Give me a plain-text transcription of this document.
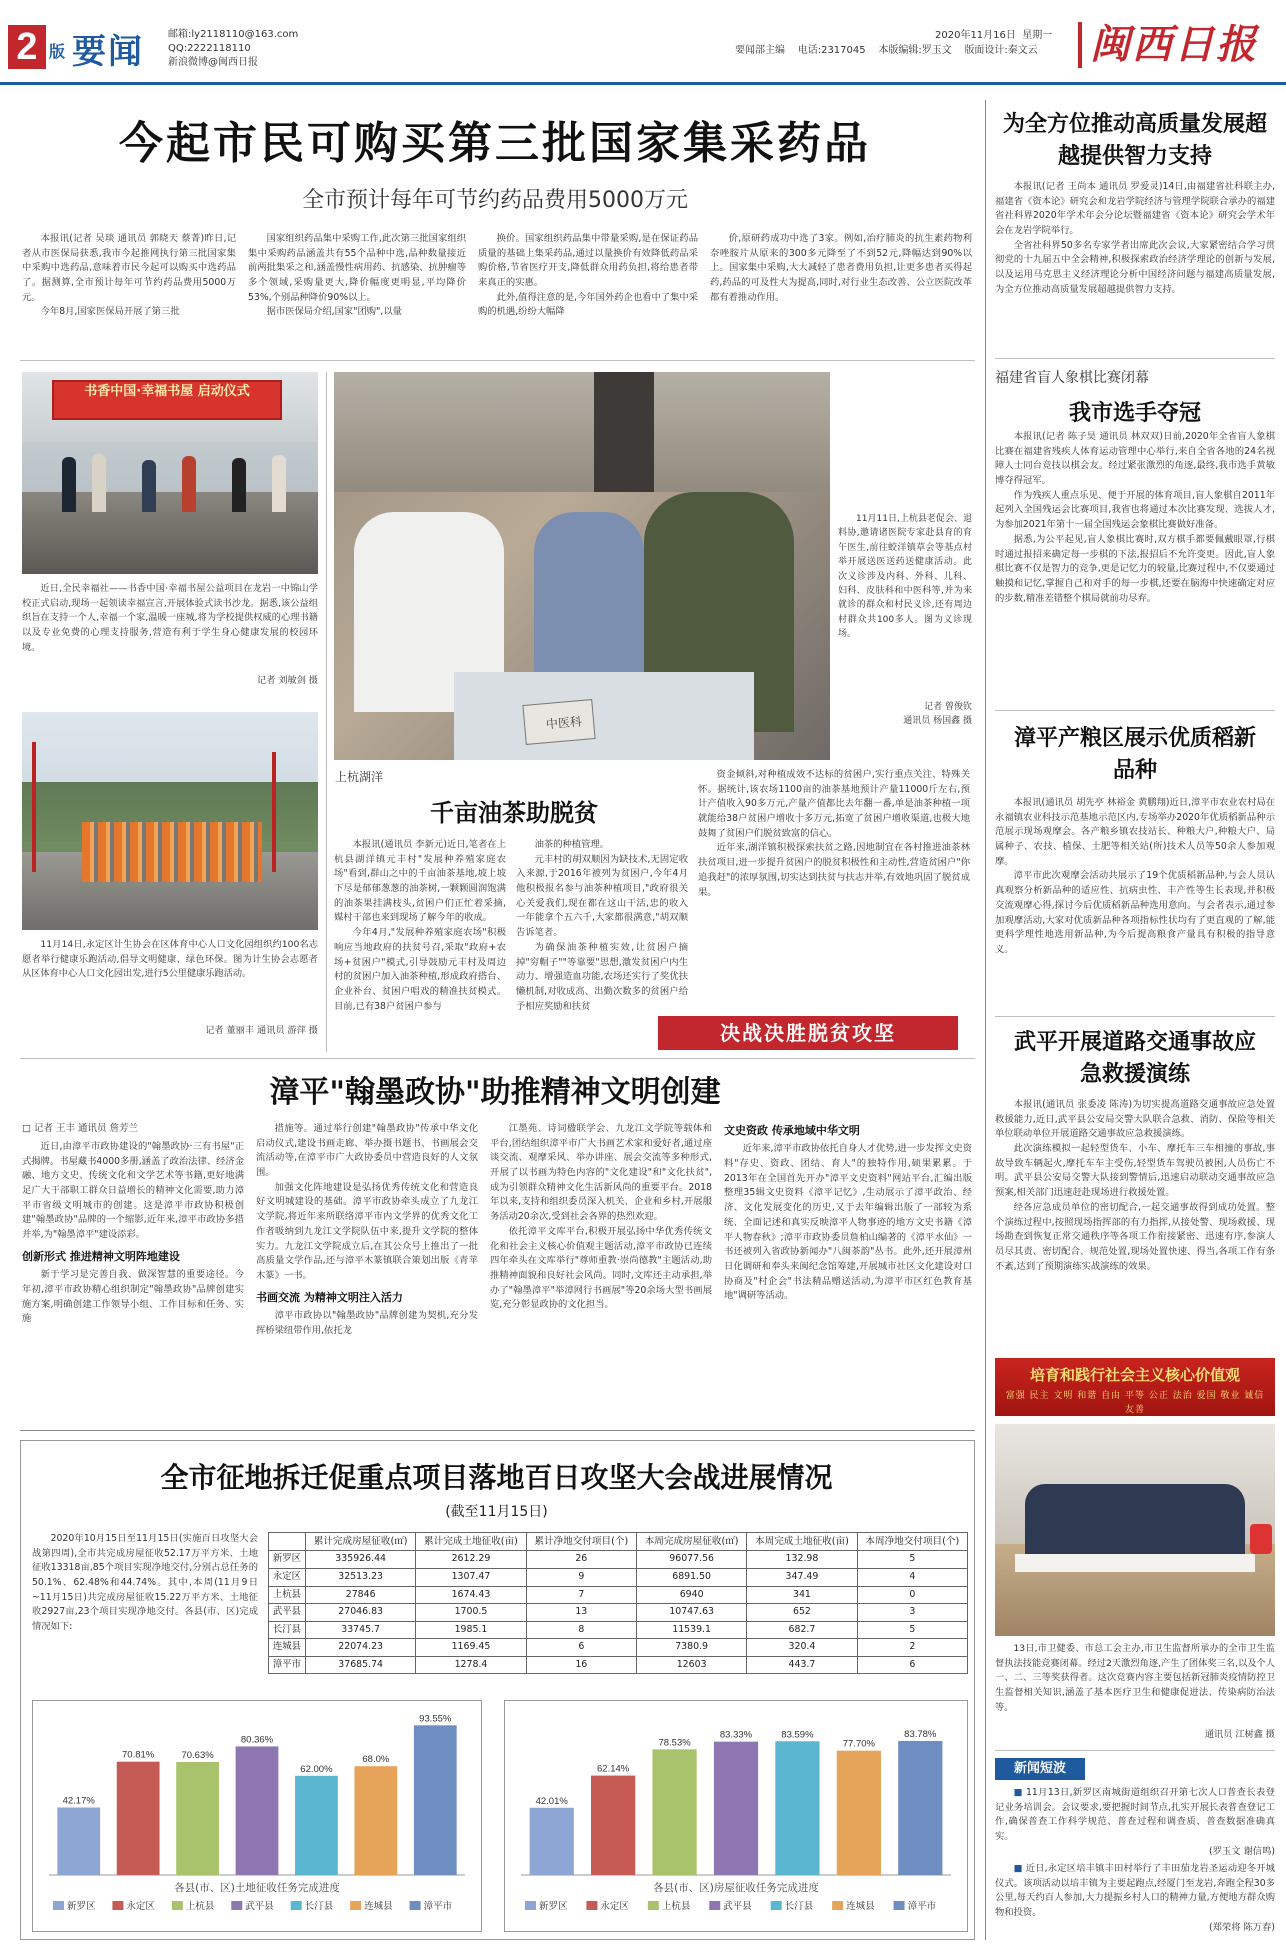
2 版 要闻 邮箱:ly2118110@163.com
QQ:2222118110
新浪微博@闽西日报
要闻部主编 电话:2317045 本版编辑:罗玉文 版面设计:秦文云
2020年11月16日 星期一 闽西日报
今起市民可购买第三批国家集采药品
全市预计每年可节约药品费用5000万元

本报讯(记者 吴琰 通讯员 郭晓天 蔡菁)昨日,记者从市医保局获悉,我市今起推网执行第三批国家集中采购中选药品,意味着市民今起可以购买中选药品了。据测算,全市预计每年可节约药品费用5000万元。

今年8月,国家医保局开展了第三批

国家组织药品集中采购工作,此次第三批国家组织集中采购药品涵盖共有55个品种中选,品种数量接近前两批集采之和,涵盖慢性病用药、抗感染、抗肿瘤等多个领域,采购量更大,降价幅度更明显,平均降价53%,个别品种降价90%以上。

据市医保局介绍,国家"团购",以量

换价。国家组织药品集中带量采购,是在保证药品质量的基础上集采药品,通过以量换价有效降低药品采购价格,节省医疗开支,降低群众用药负担,将给患者带来真正的实惠。

此外,值得注意的是,今年国外药企也看中了集中采购的机遇,纷纷大幅降

价,原研药成功中选了3家。例如,治疗肺炎的抗生素药物利奈唑胺片从原来的300多元降至了不到52元,降幅达到90%以上。国家集中采购,大大减轻了患者费用负担,让更多患者买得起药,药品的可及性大为提高,同时,对行业生态改善、公立医院改革都有着推动作用。

书香中国·幸福书屋 启动仪式
近日,全民幸福社——书香中国·幸福书屋公益项目在龙岩一中锦山学校正式启动,现场一起领读幸福宣言,开展体验式读书沙龙。据悉,该公益组织旨在支持一个人,幸福一个家,温暖一座城,将为学校提供权威的心理书籍以及专业免费的心理支持服务,营造有利于学生身心健康发展的校园环境。
记者 刘敏剑 摄
11月14日,永定区计生协会在区体育中心人口文化园组织约100名志愿者举行健康乐跑活动,倡导文明健康、绿色环保。图为计生协会志愿者从区体育中心人口文化园出发,进行5公里健康乐跑活动。
记者 董丽丰 通讯员 游萍 摄
中医科
11月11日,上杭县老促会、退料协,邀请诸医院专家赴县育的育午医生,前往蛟洋镇草会等基点村举开展送医送药送健康活动。此次义诊涉及内科、外科、儿科、妇科、皮肤科和中医科等,并为来就诊的群众和村民义诊,还有周边村群众共100多人。图为义诊现场。
记者 曾俊钦
通讯员 杨国鑫 摄
上杭湖洋
千亩油茶助脱贫

本报讯(通讯员 李新元)近日,笔者在上杭县湖洋镇元丰村"发展种养殖家庭农场"看到,群山之中的千亩油茶基地,坡上坡下尽是郁郁葱葱的油茶树,一颗颗圆润饱满的油茶果挂满枝头,贫困户们正忙着采摘,媒村干部也来到现场了解今年的收成。

今年4月,"发展种养殖家庭农场"积极响应当地政府的扶贫号召,采取"政府+农场+贫困户"模式,引导鼓励元丰村及周边村的贫困户加入油茶种植,形成政府搭台、企业补台、贫困户唱戏的精准扶贫模式。目前,已有38户贫困户参与

油茶的种植管理。

元丰村的胡双顺因为缺技术,无固定收入来源,于2016年被列为贫困户,今年4月他积极报名参与油茶种植项目,"政府很关心关爱我们,现在都在这山干活,忠的收入一年能拿个五六千,大家都很满意,"胡双顺告诉笔者。

为确保油茶种植实效,让贫困户摘掉"穷帽子""等靠要"思想,激发贫困户内生动力、增强造血功能,农场还实行了奖优扶懒机制,对收成高、出勤次数多的贫困户给予相应奖励和扶贫

资金倾斜,对种植成效不达标的贫困户,实行重点关注、特殊关怀。据统计,该农场1100亩的油茶基地预计产量11000斤左右,预计产值收入90多万元,产量产值都比去年翻一番,单是油茶种植一项就能给38户贫困户增收十多万元,拓宽了贫困户增收渠道,也极大地鼓舞了贫困户们脱贫致富的信心。

近年来,湖洋镇积极探索扶贫之路,因地制宜在各村推进油茶林扶贫项目,进一步提升贫困户的脱贫积极性和主动性,营造贫困户"你追我赶"的浓厚氛围,切实达到扶贫与扶志并举,有效地巩固了脱贫成果。

决战决胜脱贫攻坚
漳平"翰墨政协"助推精神文明创建
□ 记者 王丰 通讯员 詹芳兰

近日,由漳平市政协建设的"翰墨政协·三有书屋"正式揭牌。书屋藏书4000多册,涵盖了政治法律、经济金融、地方文史、传统文化和文学艺术等书籍,更好地满足广大干部职工群众日益增长的精神文化需要,助力漳平市省级文明城市的创建。这是漳平市政协积极创建"翰墨政协"品牌的一个缩影,近年来,漳平市政协多措并举,为"翰墨漳平"建设添彩。

创新形式 推进精神文明阵地建设

新于学习是完善自我、做深智慧的重要途径。今年初,漳平市政协精心组织制定"翰墨政协"品牌创建实施方案,明确创建工作领导小组、工作目标和任务、实施

措施等。通过举行创建"翰墨政协"传承中华文化启动仪式,建设书画走廊、举办摄书题书、书画展会交流活动等,在漳平市广大政协委员中营造良好的人文氛围。

加强文化阵地建设是弘扬优秀传统文化和营造良好文明城建设的基础。漳平市政协牵头成立了九龙江文学院,将近年来所联络漳平市内文学界的优秀文化工作者吸纳到九龙江文学院队伍中来,提升文学院的整体实力。九龙江文学院成立后,在其公众号上推出了一批高质量文学作品,还与漳平木篆镇联合策划出版《青苹木篆》一书。

书画交流 为精神文明注入活力

漳平市政协以"翰墨政协"品牌创建为契机,充分发挥桥梁纽带作用,依托龙

江墨苑、诗词楹联学会、九龙江文学院等载体和平台,团结组织漳平市广大书画艺术家和爱好者,通过座谈交流、观摩采风、举办讲座、展会交流等多种形式,开展了以书画为特色内容的"文化建设"和"文化扶贫",成为引领群众精神文化生活新风尚的重要平台。2018年以来,支持和组织委员深入机关、企业和乡村,开展服务活动20余次,受到社会各界的热烈欢迎。

依托漳平文库平台,积极开展弘扬中华优秀传统文化和社会主义核心价值观主题活动,漳平市政协已连续四年牵头在文库举行"尊师重教·崇尚德教"主题活动,助推精神面貌和良好社会风尚。同时,文库还主动承担,举办了"翰墨漳平"举漳网行书画展"等20余场大型书画展览,充分彰显政协的文化担当。

文史资政 传承地域中华文明

近年来,漳平市政协依托自身人才优势,进一步发挥文史资料"存史、资政、团结、育人"的独特作用,硕果累累。于2013年在全国首先开办"漳平文史资料"网站平台,汇编出版整理35辑文史资料《漳平记忆》,生动展示了漳平政治、经济、文化发展变化的历史,又于去年编辑出版了一部较为系统、全面记述和真实反映漳平人物事迹的地方文史书籍《漳平人物春秋》;漳平市政协委员詹柏山编著的《漳平水仙》一书还被列入省政协新闻办"八闽茶韵"丛书。此外,还开展漳州日化调研和奉头来闽纪念馆筹建,开展城市社区文化建设对口协商及"村企会"书法精品赠送活动,为漳平市区红色教育基地"调研等活动。

为全方位推动高质量发展超越提供智力支持

本报讯(记者 王尚本 通讯员 罗爱灵)14日,由福建省社科联主办,福建省《资本论》研究会和龙岩学院经济与管理学院联合承办的福建省社科界2020年学术年会分论坛暨福建省《资本论》研究会学术年会在龙岩学院举行。

全省社科界50多名专家学者出席此次会议,大家紧密结合学习贯彻党的十九届五中全会精神,积极探索政治经济学理论的创新与发展,以及运用马克思主义经济理论分析中国经济问题与福建高质量发展,为全方位推动高质量发展超越提供智力支持。

福建省盲人象棋比赛闭幕
我市选手夺冠

本报讯(记者 陈子昊 通讯员 林双双)日前,2020年全省盲人象棋比赛在福建省残疾人体育运动管理中心举行,来自全省各地的24名视障人士同台竞技以棋会友。经过紧张激烈的角逐,最终,我市选手黄敏博夺得冠军。

作为残疾人重点乐见、便于开展的体育项目,盲人象棋自2011年起列入全国残运会比赛项目,我省也将通过本次比赛发现、选拔人才,为参加2021年第十一届全国残运会象棋比赛做好准备。

据悉,为公平起见,盲人象棋比赛时,双方棋手都要佩戴眼罩,行棋时通过报招来确定每一步棋的下法,报招后不允许变更。因此,盲人象棋比赛不仅是智力的竞争,更是记忆力的较量,比赛过程中,不仅要通过触摸和记忆,掌握自己和对手的每一步棋,还要在脑海中快速确定对应的步数,精准差错整个棋局就前功尽弃。

漳平产粮区展示优质稻新品种

本报讯(通讯员 胡先亭 林裕金 黄鹏翔)近日,漳平市农业农村局在永福镇农业科技示范基地示范区内,专场举办2020年优质稻新品种示范展示现场观摩会。各产粮乡镇农技站长、种粮大户,种粮大户、局属种子、农技、植保、土肥等相关站(所)技术人员等50余人参加观摩。

漳平市此次观摩会活动共展示了19个优质稻新品种,与会人员认真观察分析新品种的适应性、抗病虫性、丰产性等生长表现,并积极交流观摩心得,探讨今后优质稻新品种选用意向。与会者表示,通过参加观摩活动,大家对优质新品种各项指标性状均有了更直观的了解,能更科学理性地选用新品种,为今后提高粮食产量具有积极的指导意义。

武平开展道路交通事故应急救援演练

本报讯(通讯员 张委凌 陈涛)为切实提高道路交通事故应急处置救援能力,近日,武平县公安局交警大队联合急救、消防、保险等相关单位联动单位开展道路交通事故应急救援演练。

此次演练模拟一起轻型货车、小车、摩托车三车相撞的事故,事故导致车辆起火,摩托车车主受伤,轻型货车驾驶员被困,人员伤亡不明。武平县公安局交警大队接到警情后,迅速启动联动交通事故应急预案,相关部门迅速赶赴现场进行救援处置。

经各应急成员单位的密切配合,一起交通事故得到成功处置。整个演练过程中,按照现场指挥部的有力指挥,从接处警、现场救援、现场勘查到恢复正常交通秩序等各项工作衔接紧密、迅速有序,参演人员尽其责、密切配合、规范处置,现场处置快速、得当,各项工作有条不紊,达到了预期演练实战演练的效果。

培育和践行社会主义核心价值观
富强 民主 文明 和谐 自由 平等 公正 法治 爱国 敬业 诚信 友善
13日,市卫健委、市总工会主办,市卫生监督所承办的全市卫生监督执法技能竞赛闭幕。经过2天激烈角逐,产生了团体奖三名,以及个人一、二、三等奖获得者。这次竞赛内容主要包括新冠肺炎疫情防控卫生监督相关知识,涵盖了基本医疗卫生和健康促进法、传染病防治法等。
通讯员 江树鑫 摄
新闻短波

■ 11月13日,新罗区南城街道组织召开第七次人口普查长表登记业务培训会。会议要求,要把握时间节点,扎实开展长表普查登记工作,确保普查工作科学规范、普查过程和调查质、普查数据准确真实。

(罗玉文 谢信鸣)

■ 近日,永定区培丰镇丰田村举行了丰田茄龙岩圣运动迎冬开城仪式。该项活动以培丰镇为主要起跑点,经厦门至龙岩,奔跑全程30多公里,每天约百人参加,大力提振乡村人口的精神力量,方便地方群众购物和投资。

(郑荣将 陈万春)
全市征地拆迁促重点项目落地百日攻坚大会战进展情况
(截至11月15日)
2020年10月15日至11月15日(实施百日攻坚大会战第四周),全市共完成房屋征收52.17万平方米、土地征收13318亩,85个项目实现净地交付,分别占总任务的50.1%、62.48%和44.74%。其中,本周(11月9日~11月15日)共完成房屋征收15.22万平方米、土地征收2927亩,23个项目实现净地交付。各县(市、区)完成情况如下:
	累计完成房屋征收(㎡)	累计完成土地征收(亩)	累计净地交付项目(个)	本周完成房屋征收(㎡)	本周完成土地征收(亩)	本周净地交付项目(个)
新罗区	335926.44	2612.29	26	96077.56	132.98	5
永定区	32513.23	1307.47	9	6891.50	347.49	4
上杭县	27846	1674.43	7	6940	341	0
武平县	27046.83	1700.5	13	10747.63	652	3
长汀县	33745.7	1985.1	8	11539.1	682.7	5
连城县	22074.23	1169.45	6	7380.9	320.4	2
漳平市	37685.74	1278.4	16	12603	443.7	6
42.17%
70.81%	70.63%
80.36%
62.00%
68.0%
93.55%
各县(市、区)土地征收任务完成进度
新罗区	永定区	上杭县	武平县	长汀县	连城县	漳平市
42.01%
62.14%
78.53%
83.33%	83.59%
77.70%
83.78%
各县(市、区)房屋征收任务完成进度
新罗区	永定区	上杭县	武平县	长汀县	连城县	漳平市
